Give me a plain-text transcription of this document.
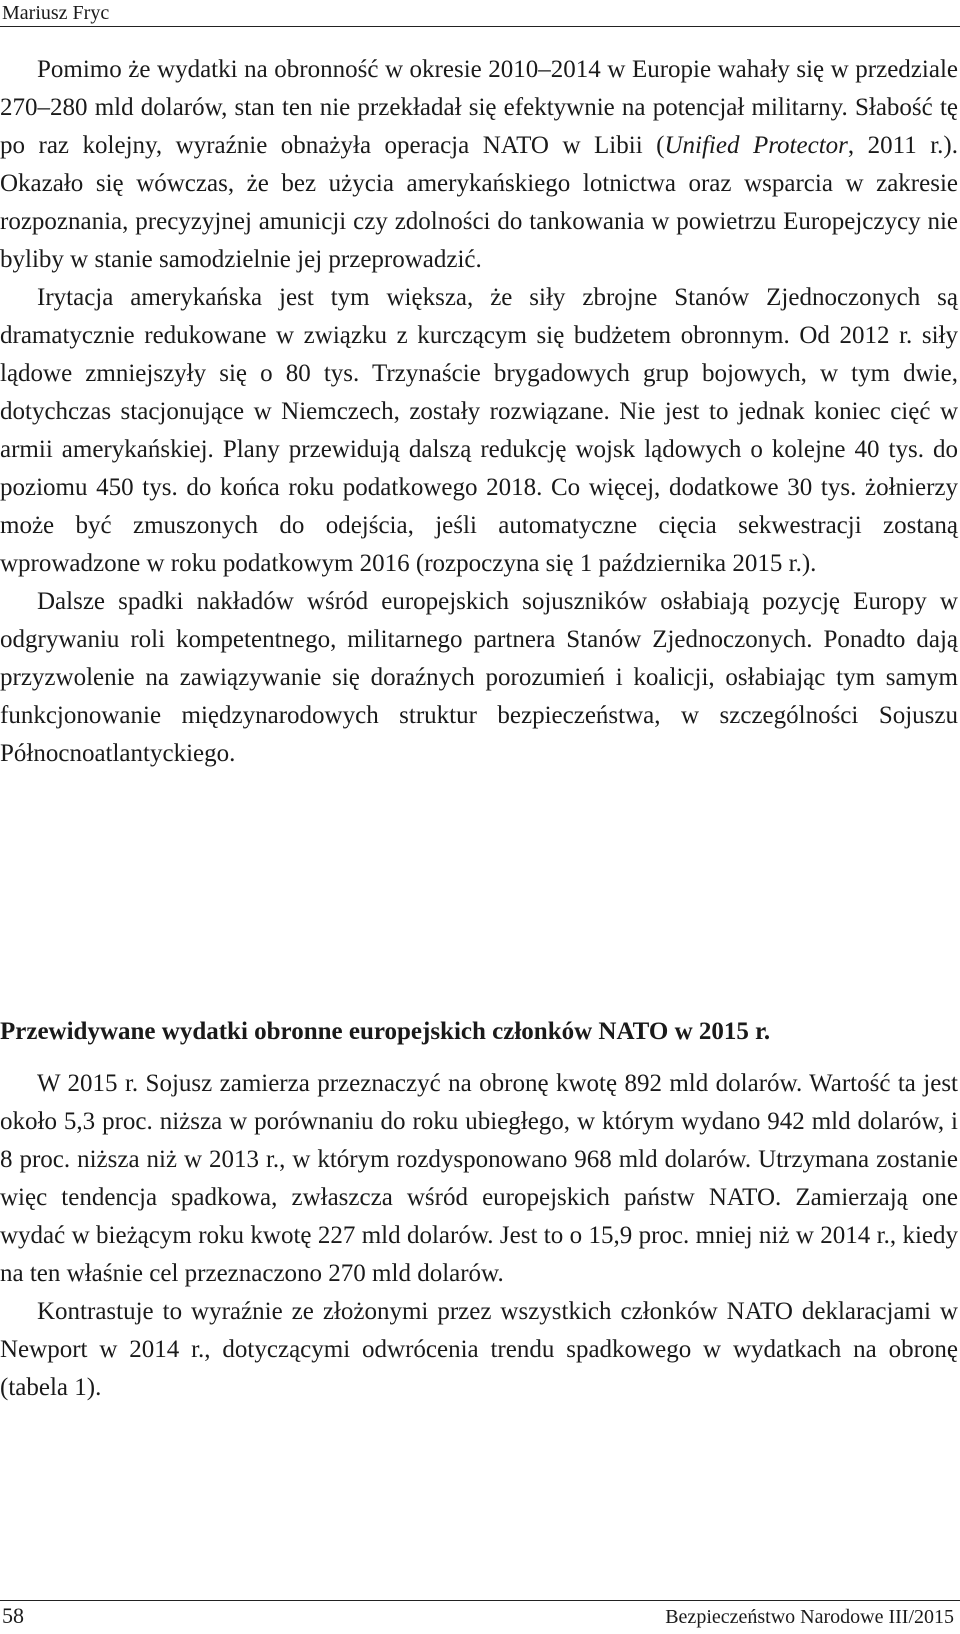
Mariusz Fryc

Pomimo że wydatki na obronność w okresie 2010–2014 w Europie wahały się w przedziale 270–280 mld dolarów, stan ten nie przekładał się efektywnie na potencjał militarny. Słabość tę po raz kolejny, wyraźnie obnażyła operacja NATO w Libii (Unified Protector, 2011 r.). Okazało się wówczas, że bez użycia amerykańskiego lotnictwa oraz wsparcia w zakresie rozpoznania, precyzyjnej amunicji czy zdolności do tankowania w powietrzu Europejczycy nie byliby w stanie samodzielnie jej przeprowadzić.

Irytacja amerykańska jest tym większa, że siły zbrojne Stanów Zjednoczonych są dramatycznie redukowane w związku z kurczącym się budżetem obronnym. Od 2012 r. siły lądowe zmniejszyły się o 80 tys. Trzynaście brygadowych grup bojowych, w tym dwie, dotychczas stacjonujące w Niemczech, zostały rozwiązane. Nie jest to jednak koniec cięć w armii amerykańskiej. Plany przewidują dalszą redukcję wojsk lądowych o kolejne 40 tys. do poziomu 450 tys. do końca roku podatkowego 2018. Co więcej, dodatkowe 30 tys. żołnierzy może być zmuszonych do odejścia, jeśli automatyczne cięcia sekwestracji zostaną wprowadzone w roku podatkowym 2016 (rozpoczyna się 1 października 2015 r.).

Dalsze spadki nakładów wśród europejskich sojuszników osłabiają pozycję Europy w odgrywaniu roli kompetentnego, militarnego partnera Stanów Zjednoczonych. Ponadto dają przyzwolenie na zawiązywanie się doraźnych porozumień i koalicji, osłabiając tym samym funkcjonowanie międzynarodowych struktur bezpieczeństwa, w szczególności Sojuszu Północnoatlantyckiego.

Przewidywane wydatki obronne europejskich członków NATO w 2015 r.

W 2015 r. Sojusz zamierza przeznaczyć na obronę kwotę 892 mld dolarów. Wartość ta jest około 5,3 proc. niższa w porównaniu do roku ubiegłego, w którym wydano 942 mld dolarów, i 8 proc. niższa niż w 2013 r., w którym rozdysponowano 968 mld dolarów. Utrzymana zostanie więc tendencja spadkowa, zwłaszcza wśród europejskich państw NATO. Zamierzają one wydać w bieżącym roku kwotę 227 mld dolarów. Jest to o 15,9 proc. mniej niż w 2014 r., kiedy na ten właśnie cel przeznaczono 270 mld dolarów.

Kontrastuje to wyraźnie ze złożonymi przez wszystkich członków NATO deklaracjami w Newport w 2014 r., dotyczącymi odwrócenia trendu spadkowego w wydatkach na obronę (tabela 1).

58	Bezpieczeństwo Narodowe III/2015
